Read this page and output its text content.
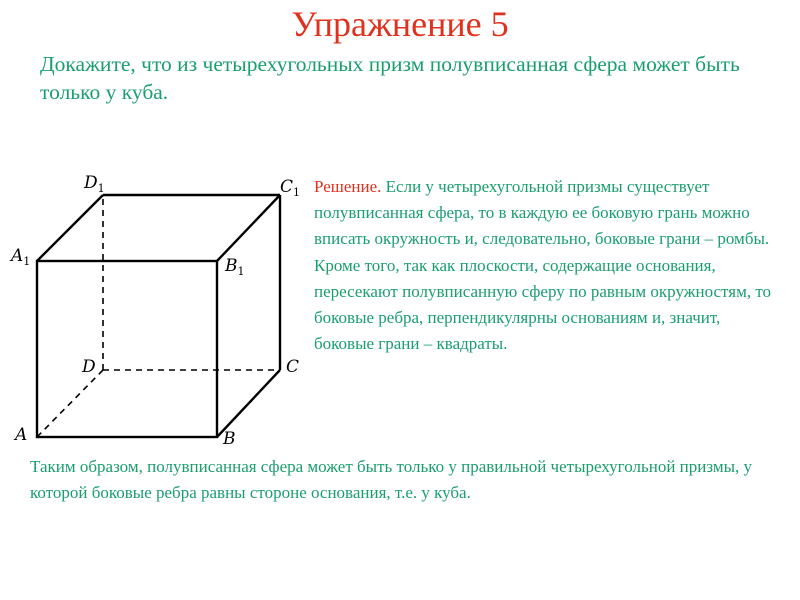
Упражнение 5

Докажите, что из четырехугольных призм полувписанная сфера может быть только у куба.

$D_1$	$C_1$
$A_1$	$B_1$
D	C
A	B

Решение. Если у четырехугольной призмы существует полувписанная сфера, то в каждую ее боковую грань можно вписать окружность и, следовательно, боковые грани – ромбы. Кроме того, так как плоскости, содержащие основания, пересекают полувписанную сферу по равным окружностям, то боковые ребра, перпендикулярны основаниям и, значит, боковые грани – квадраты.

Таким образом, полувписанная сфера может быть только у правильной четырехугольной призмы, у которой боковые ребра равны стороне основания, т.е. у куба.
